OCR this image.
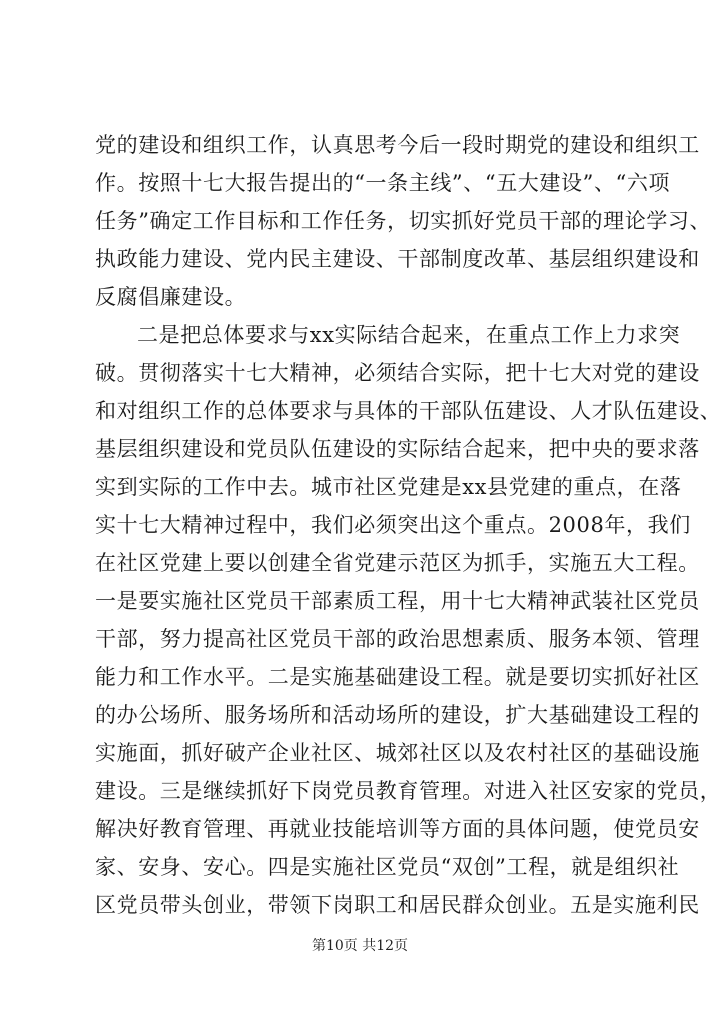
党的建设和组织工作，认真思考今后一段时期党的建设和组织工
作。按照十七大报告提出的“一条主线”、“五大建设”、“六项
任务”确定工作目标和工作任务，切实抓好党员干部的理论学习、
执政能力建设、党内民主建设、干部制度改革、基层组织建设和
反腐倡廉建设。
二是把总体要求与xx实际结合起来，在重点工作上力求突
破。贯彻落实十七大精神，必须结合实际，把十七大对党的建设
和对组织工作的总体要求与具体的干部队伍建设、人才队伍建设、
基层组织建设和党员队伍建设的实际结合起来，把中央的要求落
实到实际的工作中去。城市社区党建是xx县党建的重点，在落
实十七大精神过程中，我们必须突出这个重点。2008年，我们
在社区党建上要以创建全省党建示范区为抓手，实施五大工程。
一是要实施社区党员干部素质工程，用十七大精神武装社区党员
干部，努力提高社区党员干部的政治思想素质、服务本领、管理
能力和工作水平。二是实施基础建设工程。就是要切实抓好社区
的办公场所、服务场所和活动场所的建设，扩大基础建设工程的
实施面，抓好破产企业社区、城郊社区以及农村社区的基础设施
建设。三是继续抓好下岗党员教育管理。对进入社区安家的党员，
解决好教育管理、再就业技能培训等方面的具体问题，使党员安
家、安身、安心。四是实施社区党员“双创”工程，就是组织社
区党员带头创业，带领下岗职工和居民群众创业。五是实施利民
第10页 共12页
